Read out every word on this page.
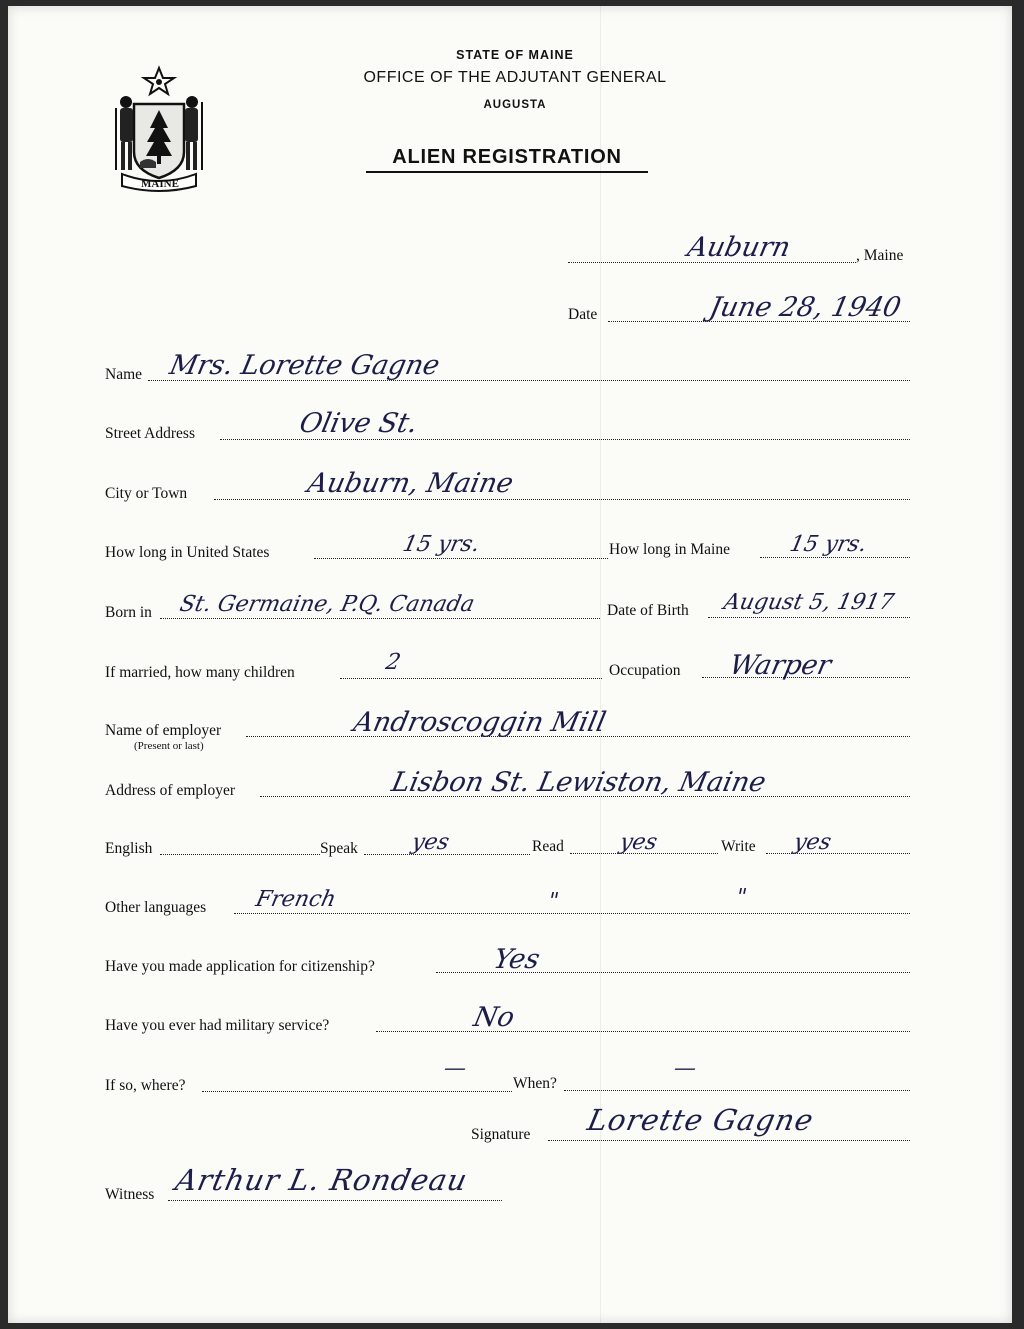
MAINE
STATE OF MAINE
OFFICE OF THE ADJUTANT GENERAL
AUGUSTA
ALIEN REGISTRATION
Auburn	, Maine
Date	June 28, 1940
Name Mrs. Lorette Gagne
Street Address	Olive St.
City or Town	Auburn, Maine
How long in United States	15 yrs.	How long in Maine	15 yrs.
Born in St. Germaine, P.Q. Canada	Date of Birth August 5, 1917
If married, how many children	2	Occupation Warper
Name of employer
(Present or last)
Androscoggin Mill
Address of employer	Lisbon St. Lewiston, Maine
English	Speak yes	Read yes	Write yes
Other languages French	"	"
Have you made application for citizenship?	Yes
Have you ever had military service?	No
If so, where?
—
When?
—
Signature Lorette Gagne
Witness Arthur L. Rondeau
